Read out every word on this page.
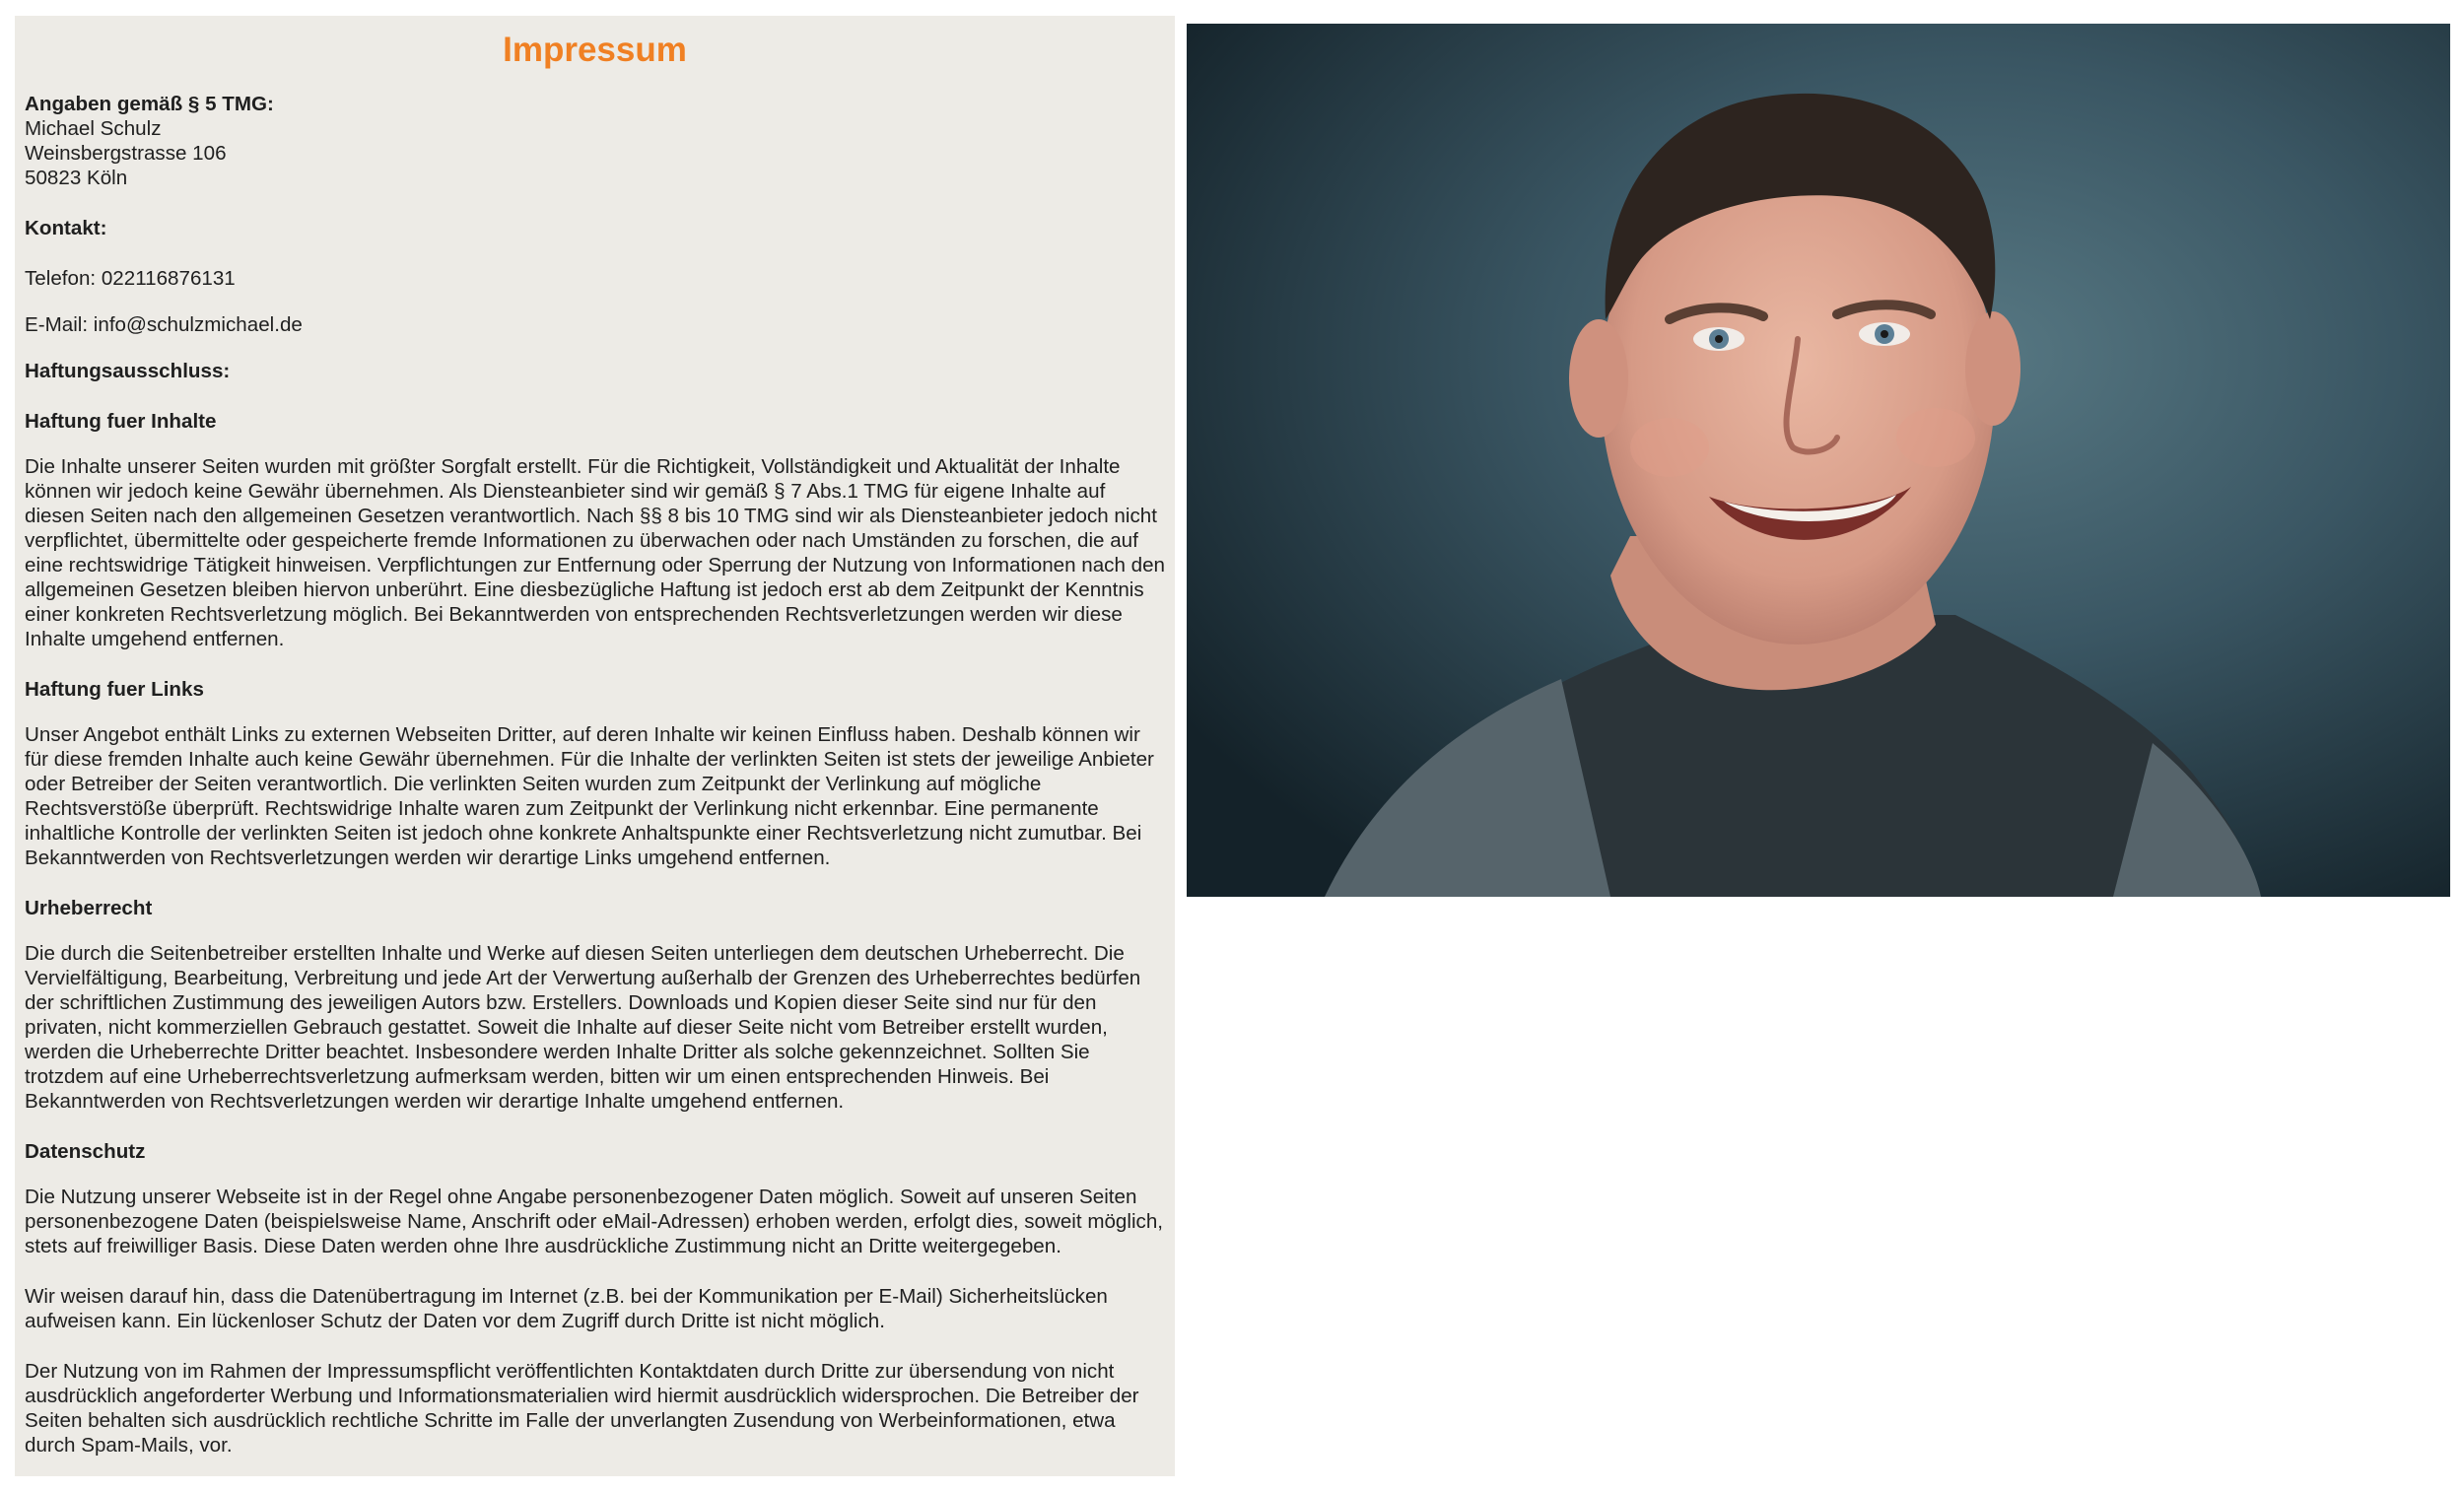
Impressum

Angaben gemäß § 5 TMG:

Michael Schulz

Weinsbergstrasse 106

50823 Köln

Kontakt:

Telefon: 022116876131

E-Mail: info@schulzmichael.de

Haftungsausschluss:

Haftung fuer Inhalte

Die Inhalte unserer Seiten wurden mit größter Sorgfalt erstellt. Für die Richtigkeit, Vollständigkeit und Aktualität der Inhalte können wir jedoch keine Gewähr übernehmen. Als Diensteanbieter sind wir gemäß § 7 Abs.1 TMG für eigene Inhalte auf diesen Seiten nach den allgemeinen Gesetzen verantwortlich. Nach §§ 8 bis 10 TMG sind wir als Diensteanbieter jedoch nicht verpflichtet, übermittelte oder gespeicherte fremde Informationen zu überwachen oder nach Umständen zu forschen, die auf eine rechtswidrige Tätigkeit hinweisen. Verpflichtungen zur Entfernung oder Sperrung der Nutzung von Informationen nach den allgemeinen Gesetzen bleiben hiervon unberührt. Eine diesbezügliche Haftung ist jedoch erst ab dem Zeitpunkt der Kenntnis einer konkreten Rechtsverletzung möglich. Bei Bekanntwerden von entsprechenden Rechtsverletzungen werden wir diese Inhalte umgehend entfernen.

Haftung fuer Links

Unser Angebot enthält Links zu externen Webseiten Dritter, auf deren Inhalte wir keinen Einfluss haben. Deshalb können wir für diese fremden Inhalte auch keine Gewähr übernehmen. Für die Inhalte der verlinkten Seiten ist stets der jeweilige Anbieter oder Betreiber der Seiten verantwortlich. Die verlinkten Seiten wurden zum Zeitpunkt der Verlinkung auf mögliche Rechtsverstöße überprüft. Rechtswidrige Inhalte waren zum Zeitpunkt der Verlinkung nicht erkennbar. Eine permanente inhaltliche Kontrolle der verlinkten Seiten ist jedoch ohne konkrete Anhaltspunkte einer Rechtsverletzung nicht zumutbar. Bei Bekanntwerden von Rechtsverletzungen werden wir derartige Links umgehend entfernen.

Urheberrecht

Die durch die Seitenbetreiber erstellten Inhalte und Werke auf diesen Seiten unterliegen dem deutschen Urheberrecht. Die Vervielfältigung, Bearbeitung, Verbreitung und jede Art der Verwertung außerhalb der Grenzen des Urheberrechtes bedürfen der schriftlichen Zustimmung des jeweiligen Autors bzw. Erstellers. Downloads und Kopien dieser Seite sind nur für den privaten, nicht kommerziellen Gebrauch gestattet. Soweit die Inhalte auf dieser Seite nicht vom Betreiber erstellt wurden, werden die Urheberrechte Dritter beachtet. Insbesondere werden Inhalte Dritter als solche gekennzeichnet. Sollten Sie trotzdem auf eine Urheberrechtsverletzung aufmerksam werden, bitten wir um einen entsprechenden Hinweis. Bei Bekanntwerden von Rechtsverletzungen werden wir derartige Inhalte umgehend entfernen.

Datenschutz

Die Nutzung unserer Webseite ist in der Regel ohne Angabe personenbezogener Daten möglich. Soweit auf unseren Seiten personenbezogene Daten (beispielsweise Name, Anschrift oder eMail-Adressen) erhoben werden, erfolgt dies, soweit möglich, stets auf freiwilliger Basis. Diese Daten werden ohne Ihre ausdrückliche Zustimmung nicht an Dritte weitergegeben.

Wir weisen darauf hin, dass die Datenübertragung im Internet (z.B. bei der Kommunikation per E-Mail) Sicherheitslücken aufweisen kann. Ein lückenloser Schutz der Daten vor dem Zugriff durch Dritte ist nicht möglich.

Der Nutzung von im Rahmen der Impressumspflicht veröffentlichten Kontaktdaten durch Dritte zur übersendung von nicht ausdrücklich angeforderter Werbung und Informationsmaterialien wird hiermit ausdrücklich widersprochen. Die Betreiber der Seiten behalten sich ausdrücklich rechtliche Schritte im Falle der unverlangten Zusendung von Werbeinformationen, etwa durch Spam-Mails, vor.
